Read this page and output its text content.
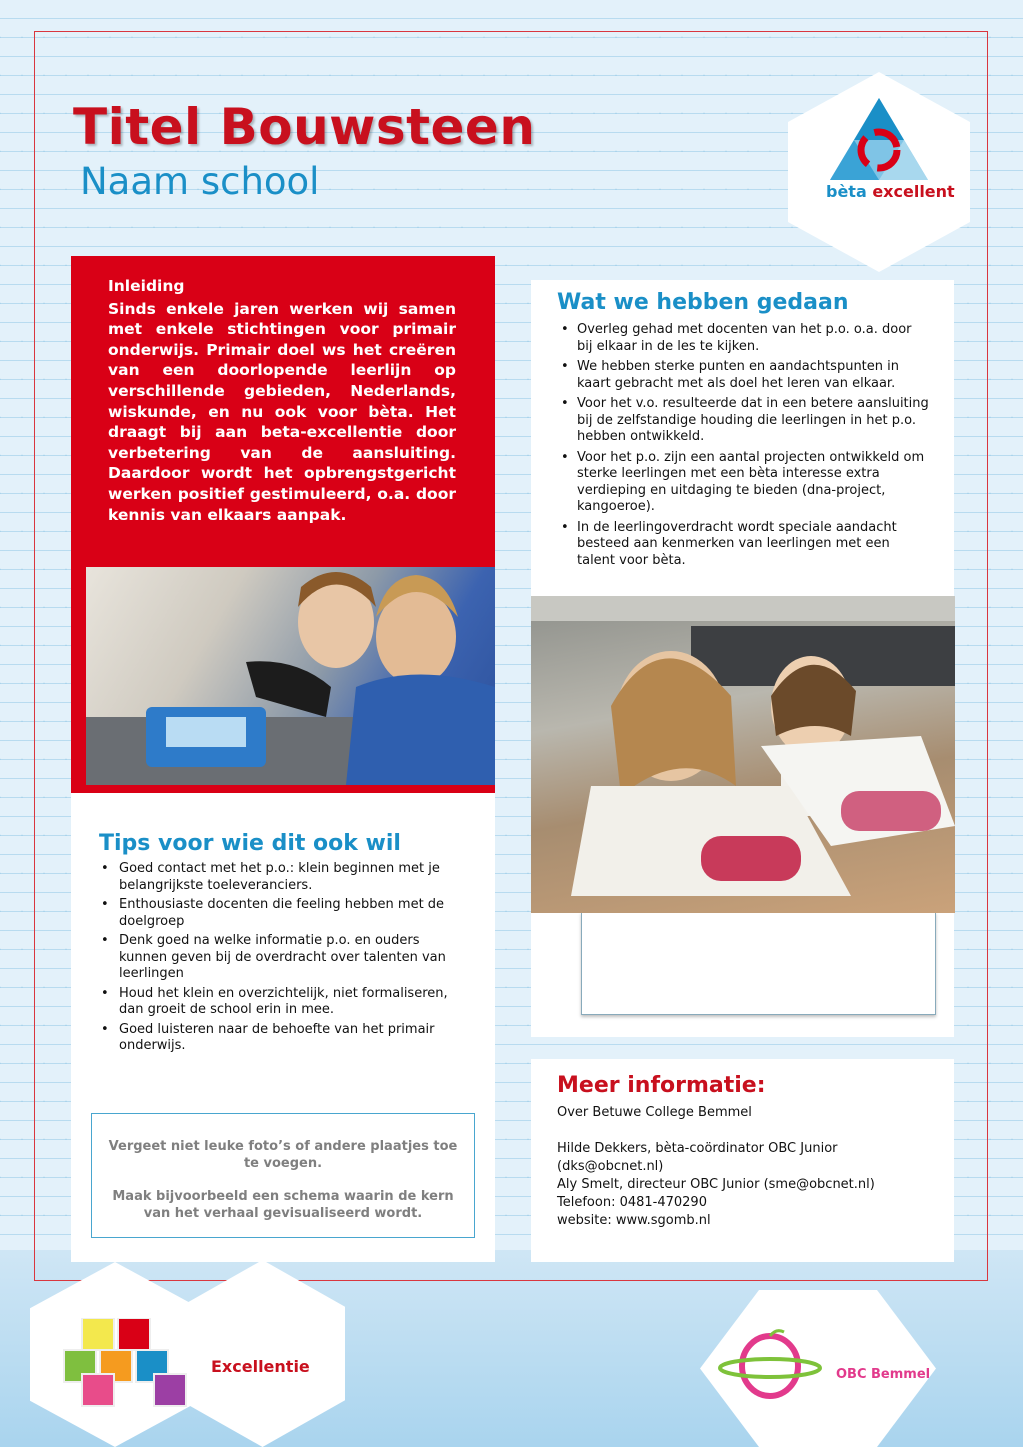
Titel Bouwsteen
Naam school	bèta excellent
Inleiding
Sinds enkele jaren werken wij samen met enkele stichtingen voor primair onderwijs. Primair doel ws het creëren van een doorlopende leerlijn op verschillende gebieden, Nederlands, wiskunde, en nu ook voor bèta. Het draagt bij aan beta-excellentie door verbetering van de aansluiting. Daardoor wordt het opbrengstgericht werken positief gestimuleerd, o.a. door kennis van elkaars aanpak.
Tips voor wie dit ook wil
• Goed contact met het p.o.: klein beginnen met je belangrijkste toeleveranciers.
• Enthousiaste docenten die feeling hebben met de doelgroep
• Denk goed na welke informatie p.o. en ouders kunnen geven bij de overdracht over talenten van leerlingen
• Houd het klein en overzichtelijk, niet formaliseren, dan groeit de school erin in mee.
• Goed luisteren naar de behoefte van het primair onderwijs.

Vergeet niet leuke foto’s of andere plaatjes toe te voegen.

Maak bijvoorbeeld een schema waarin de kern van het verhaal gevisualiseerd wordt.

Wat we hebben gedaan
• Overleg gehad met docenten van het p.o. o.a. door bij elkaar in de les te kijken.
• We hebben sterke punten en aandachtspunten in kaart gebracht met als doel het leren van elkaar.
• Voor het v.o. resulteerde dat in een betere aansluiting bij de zelfstandige houding die leerlingen in het p.o. hebben ontwikkeld.
• Voor het p.o. zijn een aantal projecten ontwikkeld om sterke leerlingen met een bèta interesse extra verdieping en uitdaging te bieden (dna-project, kangoeroe).
• In de leerlingoverdracht wordt speciale aandacht besteed aan kenmerken van leerlingen met een talent voor bèta.
Meer informatie:
Over Betuwe College Bemmel
Hilde Dekkers, bèta-coördinator OBC Junior
(dks@obcnet.nl)
Aly Smelt, directeur OBC Junior (sme@obcnet.nl)
Telefoon: 0481-470290
website: www.sgomb.nl
Excellentie	OBC Bemmel
